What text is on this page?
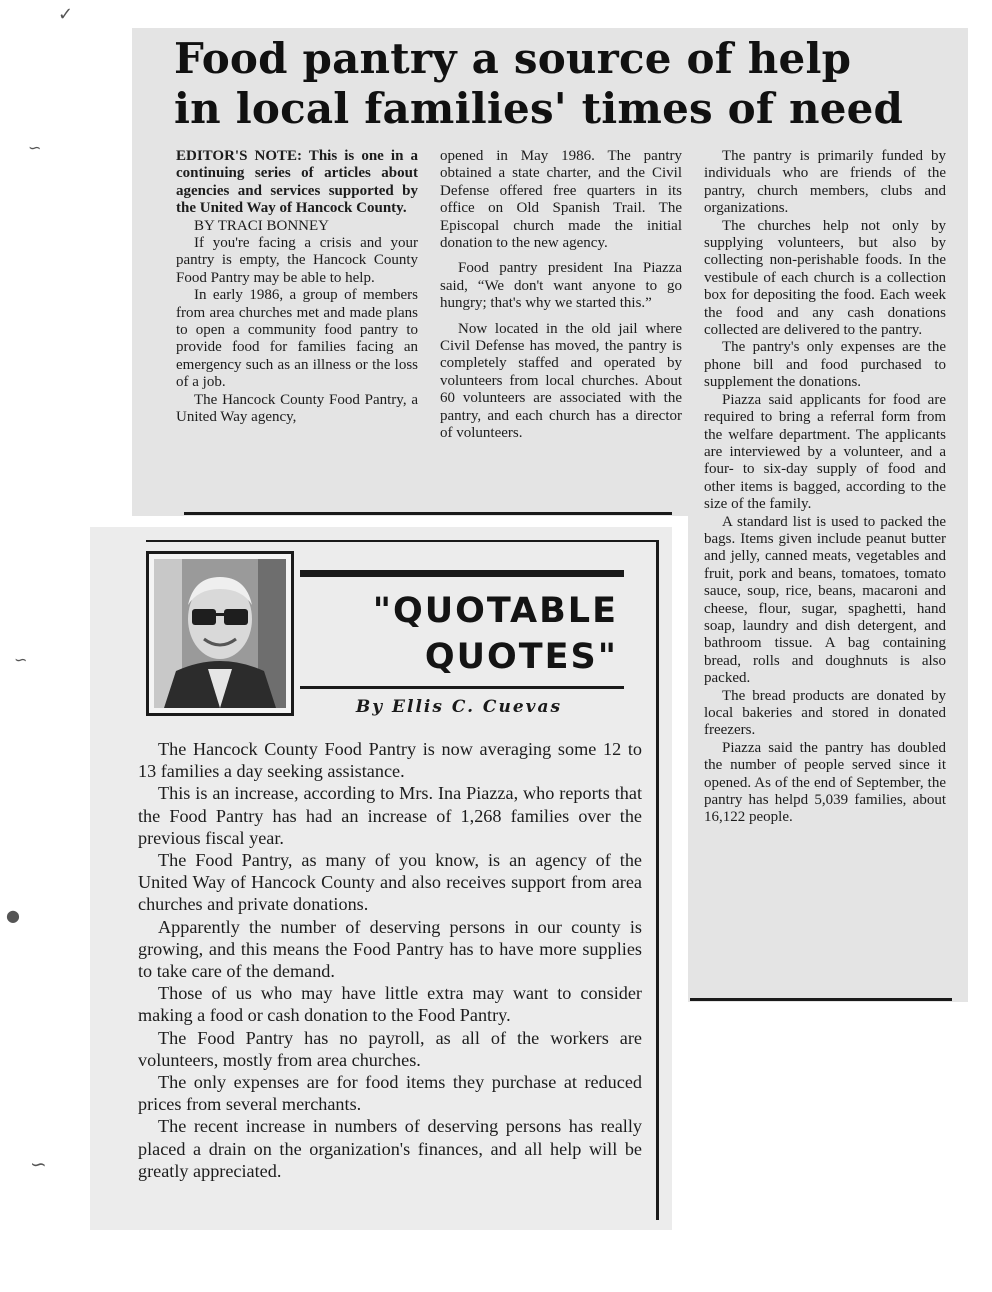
✓
∽
∽
●
∽
Food pantry a source of help
in local families' times of need

EDITOR'S NOTE: This is one in a continuing series of articles about agencies and services supported by the United Way of Hancock County.

BY TRACI BONNEY

If you're facing a crisis and your pantry is empty, the Hancock County Food Pantry may be able to help.

In early 1986, a group of members from area churches met and made plans to open a community food pantry to provide food for families facing an emergency such as an illness or the loss of a job.

The Hancock County Food Pantry, a United Way agency,

opened in May 1986. The pantry obtained a state charter, and the Civil Defense offered free quarters in its office on Old Spanish Trail. The Episcopal church made the initial donation to the new agency.

Food pantry president Ina Piazza said, “We don't want anyone to go hungry; that's why we started this.”

Now located in the old jail where Civil Defense has moved, the pantry is completely staffed and operated by volunteers from local churches. About 60 volunteers are associated with the pantry, and each church has a director of volunteers.

The pantry is primarily funded by individuals who are friends of the pantry, church members, clubs and organizations.

The churches help not only by supplying volunteers, but also by collecting non-perishable foods. In the vestibule of each church is a collection box for depositing the food. Each week the food and any cash donations collected are delivered to the pantry.

The pantry's only expenses are the phone bill and food purchased to supplement the donations.

Piazza said applicants for food are required to bring a referral form from the welfare department. The applicants are interviewed by a volunteer, and a four- to six-day supply of food and other items is bagged, according to the size of the family.

A standard list is used to packed the bags. Items given include peanut butter and jelly, canned meats, vegetables and fruit, pork and beans, tomatoes, tomato sauce, soup, rice, beans, macaroni and cheese, flour, sugar, spaghetti, hand soap, laundry and dish detergent, and bathroom tissue. A bag containing bread, rolls and doughnuts is also packed.

The bread products are donated by local bakeries and stored in donated freezers.

Piazza said the pantry has doubled the number of people served since it opened. As of the end of September, the pantry has helpd 5,039 families, about 16,122 people.

"QUOTABLE
QUOTES"
By Ellis C. Cuevas

The Hancock County Food Pantry is now averaging some 12 to 13 families a day seeking assistance.

This is an increase, according to Mrs. Ina Piazza, who reports that the Food Pantry has had an increase of 1,268 families over the previous fiscal year.

The Food Pantry, as many of you know, is an agency of the United Way of Hancock County and also receives support from area churches and private donations.

Apparently the number of deserving persons in our county is growing, and this means the Food Pantry has to have more supplies to take care of the demand.

Those of us who may have little extra may want to consider making a food or cash donation to the Food Pantry.

The Food Pantry has no payroll, as all of the workers are volunteers, mostly from area churches.

The only expenses are for food items they purchase at reduced prices from several merchants.

The recent increase in numbers of deserving persons has really placed a drain on the organization's finances, and all help will be greatly appreciated.
